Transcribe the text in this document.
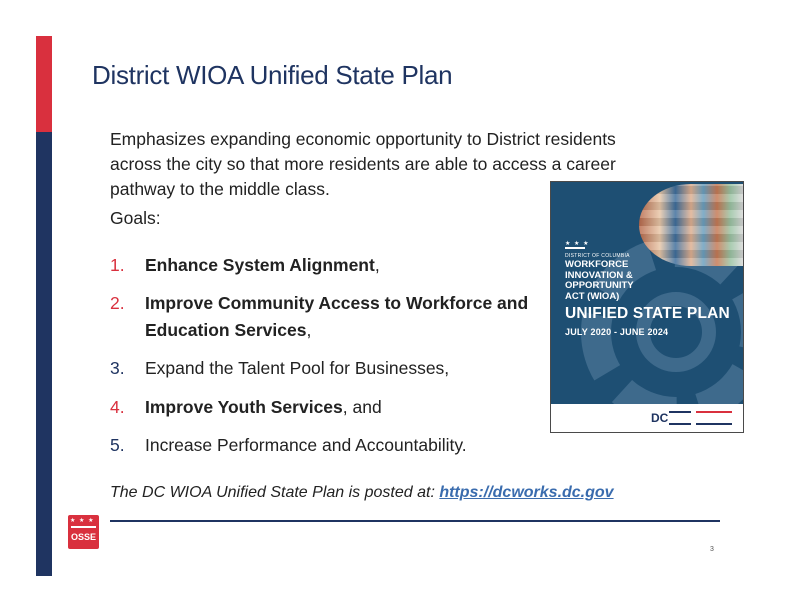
District WIOA Unified State Plan
Emphasizes expanding economic opportunity to District residents across the city so that more residents are able to access a career pathway to the middle class.
Goals:
1. Enhance System Alignment,
2. Improve Community Access to Workforce and Education Services,
3. Expand the Talent Pool for Businesses,
4. Improve Youth Services, and
5. Increase Performance and Accountability.
★ ★ ★
DISTRICT OF COLUMBIA
WORKFORCE
INNOVATION &
OPPORTUNITY
ACT (WIOA)
UNIFIED STATE PLAN
JULY 2020 - JUNE 2024
DC
The DC WIOA Unified State Plan is posted at: https://dcworks.dc.gov
★ ★ ★
OSSE
3
